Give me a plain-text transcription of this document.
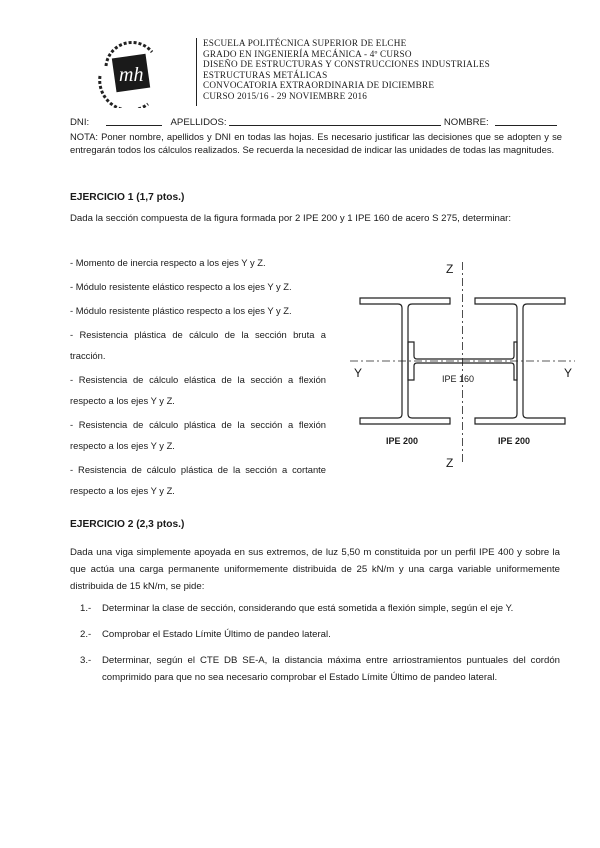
mh
ESCUELA POLITÉCNICA SUPERIOR DE ELCHE
GRADO EN INGENIERÍA MECÁNICA - 4º CURSO
DISEÑO DE ESTRUCTURAS Y CONSTRUCCIONES INDUSTRIALES
ESTRUCTURAS METÁLICAS
CONVOCATORIA EXTRAORDINARIA DE DICIEMBRE
CURSO 2015/16 - 29 NOVIEMBRE 2016
DNI:	APELLIDOS:	NOMBRE:
NOTA: Poner nombre, apellidos y DNI en todas las hojas. Es necesario justificar las decisiones que se adopten y se entregarán todos los cálculos realizados. Se recuerda la necesidad de indicar las unidades de todas las magnitudes.
EJERCICIO 1 (1,7 ptos.)
Dada la sección compuesta de la figura formada por 2 IPE 200 y 1 IPE 160 de acero S 275, determinar:
- Momento de inercia respecto a los ejes Y y Z.
- Módulo resistente elástico respecto a los ejes Y y Z.
- Módulo resistente plástico respecto a los ejes Y y Z.
- Resistencia plástica de cálculo de la sección bruta a tracción.
- Resistencia de cálculo elástica de la sección a flexión respecto a los ejes Y y Z.
- Resistencia de cálculo plástica de la sección a flexión respecto a los ejes Y y Z.
- Resistencia de cálculo plástica de la sección a cortante respecto a los ejes Y y Z.
Z
Z
Y	Y
IPE 160
IPE 200	IPE 200
EJERCICIO 2 (2,3 ptos.)
Dada una viga simplemente apoyada en sus extremos, de luz 5,50 m constituida por un perfil IPE 400 y sobre la que actúa una carga permanente uniformemente distribuida de 25 kN/m y una carga variable uniformemente distribuida de 15 kN/m, se pide:
1.-	Determinar la clase de sección, considerando que está sometida a flexión simple, según el eje Y.
2.-	Comprobar el Estado Límite Último de pandeo lateral.
3.-	Determinar, según el CTE DB SE-A, la distancia máxima entre arriostramientos puntuales del cordón comprimido para que no sea necesario comprobar el Estado Límite Último de pandeo lateral.
